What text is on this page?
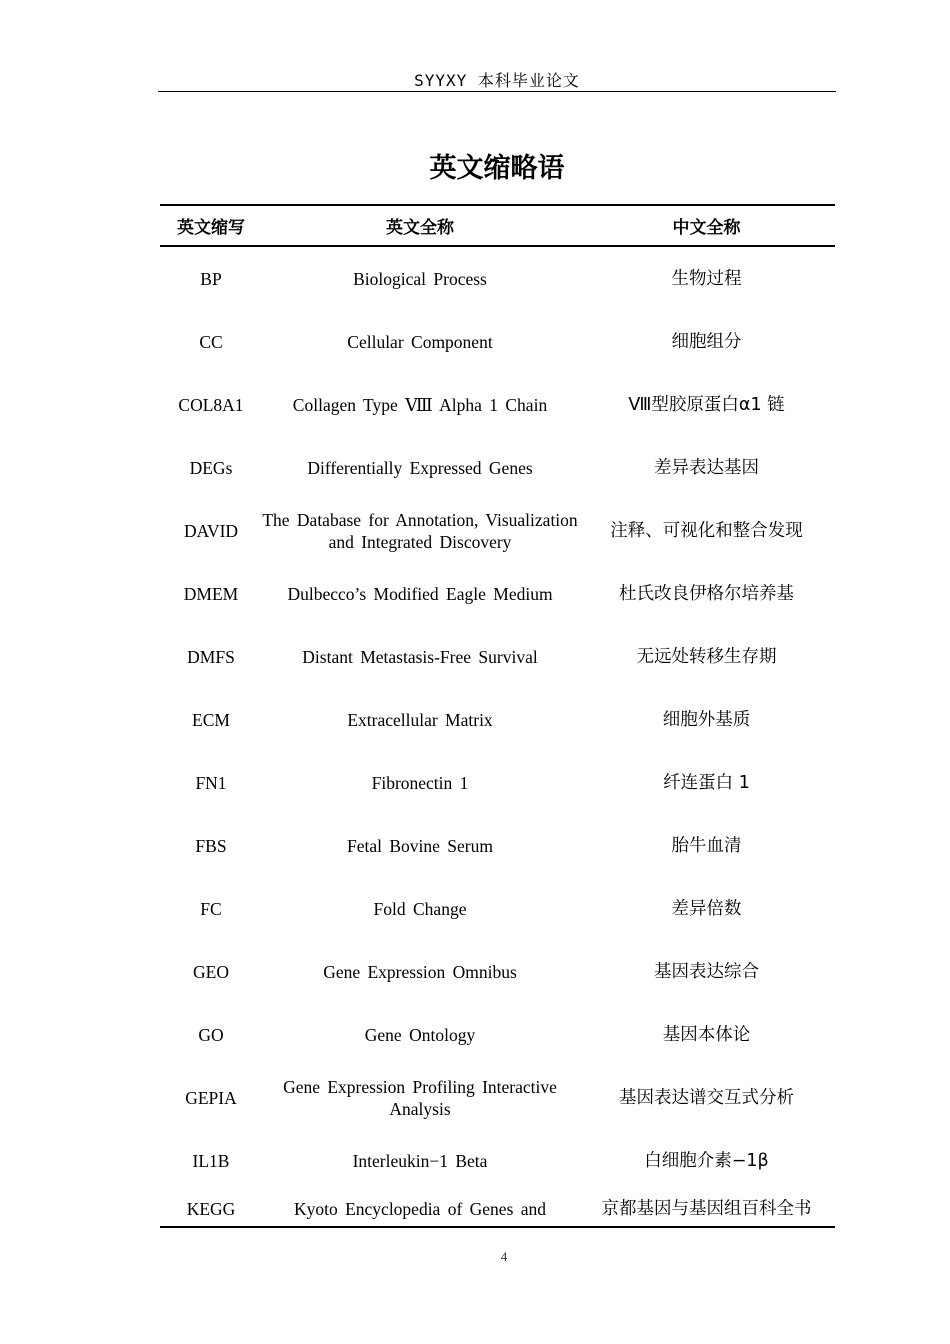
SYYXY 本科毕业论文
英文缩略语
英文缩写	英文全称	中文全称
BP	Biological Process	生物过程
CC	Cellular Component	细胞组分
COL8A1	Collagen Type Ⅷ Alpha 1 Chain	Ⅷ型胶原蛋白α1 链
DEGs	Differentially Expressed Genes	差异表达基因
DAVID	The Database for Annotation, Visualization and Integrated Discovery	注释、可视化和整合发现
DMEM	Dulbecco’s Modified Eagle Medium	杜氏改良伊格尔培养基
DMFS	Distant Metastasis-Free Survival	无远处转移生存期
ECM	Extracellular Matrix	细胞外基质
FN1	Fibronectin 1	纤连蛋白 1
FBS	Fetal Bovine Serum	胎牛血清
FC	Fold Change	差异倍数
GEO	Gene Expression Omnibus	基因表达综合
GO	Gene Ontology	基因本体论
GEPIA	Gene Expression Profiling Interactive Analysis	基因表达谱交互式分析
IL1B	Interleukin−1 Beta	白细胞介素−1β
KEGG	Kyoto Encyclopedia of Genes and	京都基因与基因组百科全书
4
